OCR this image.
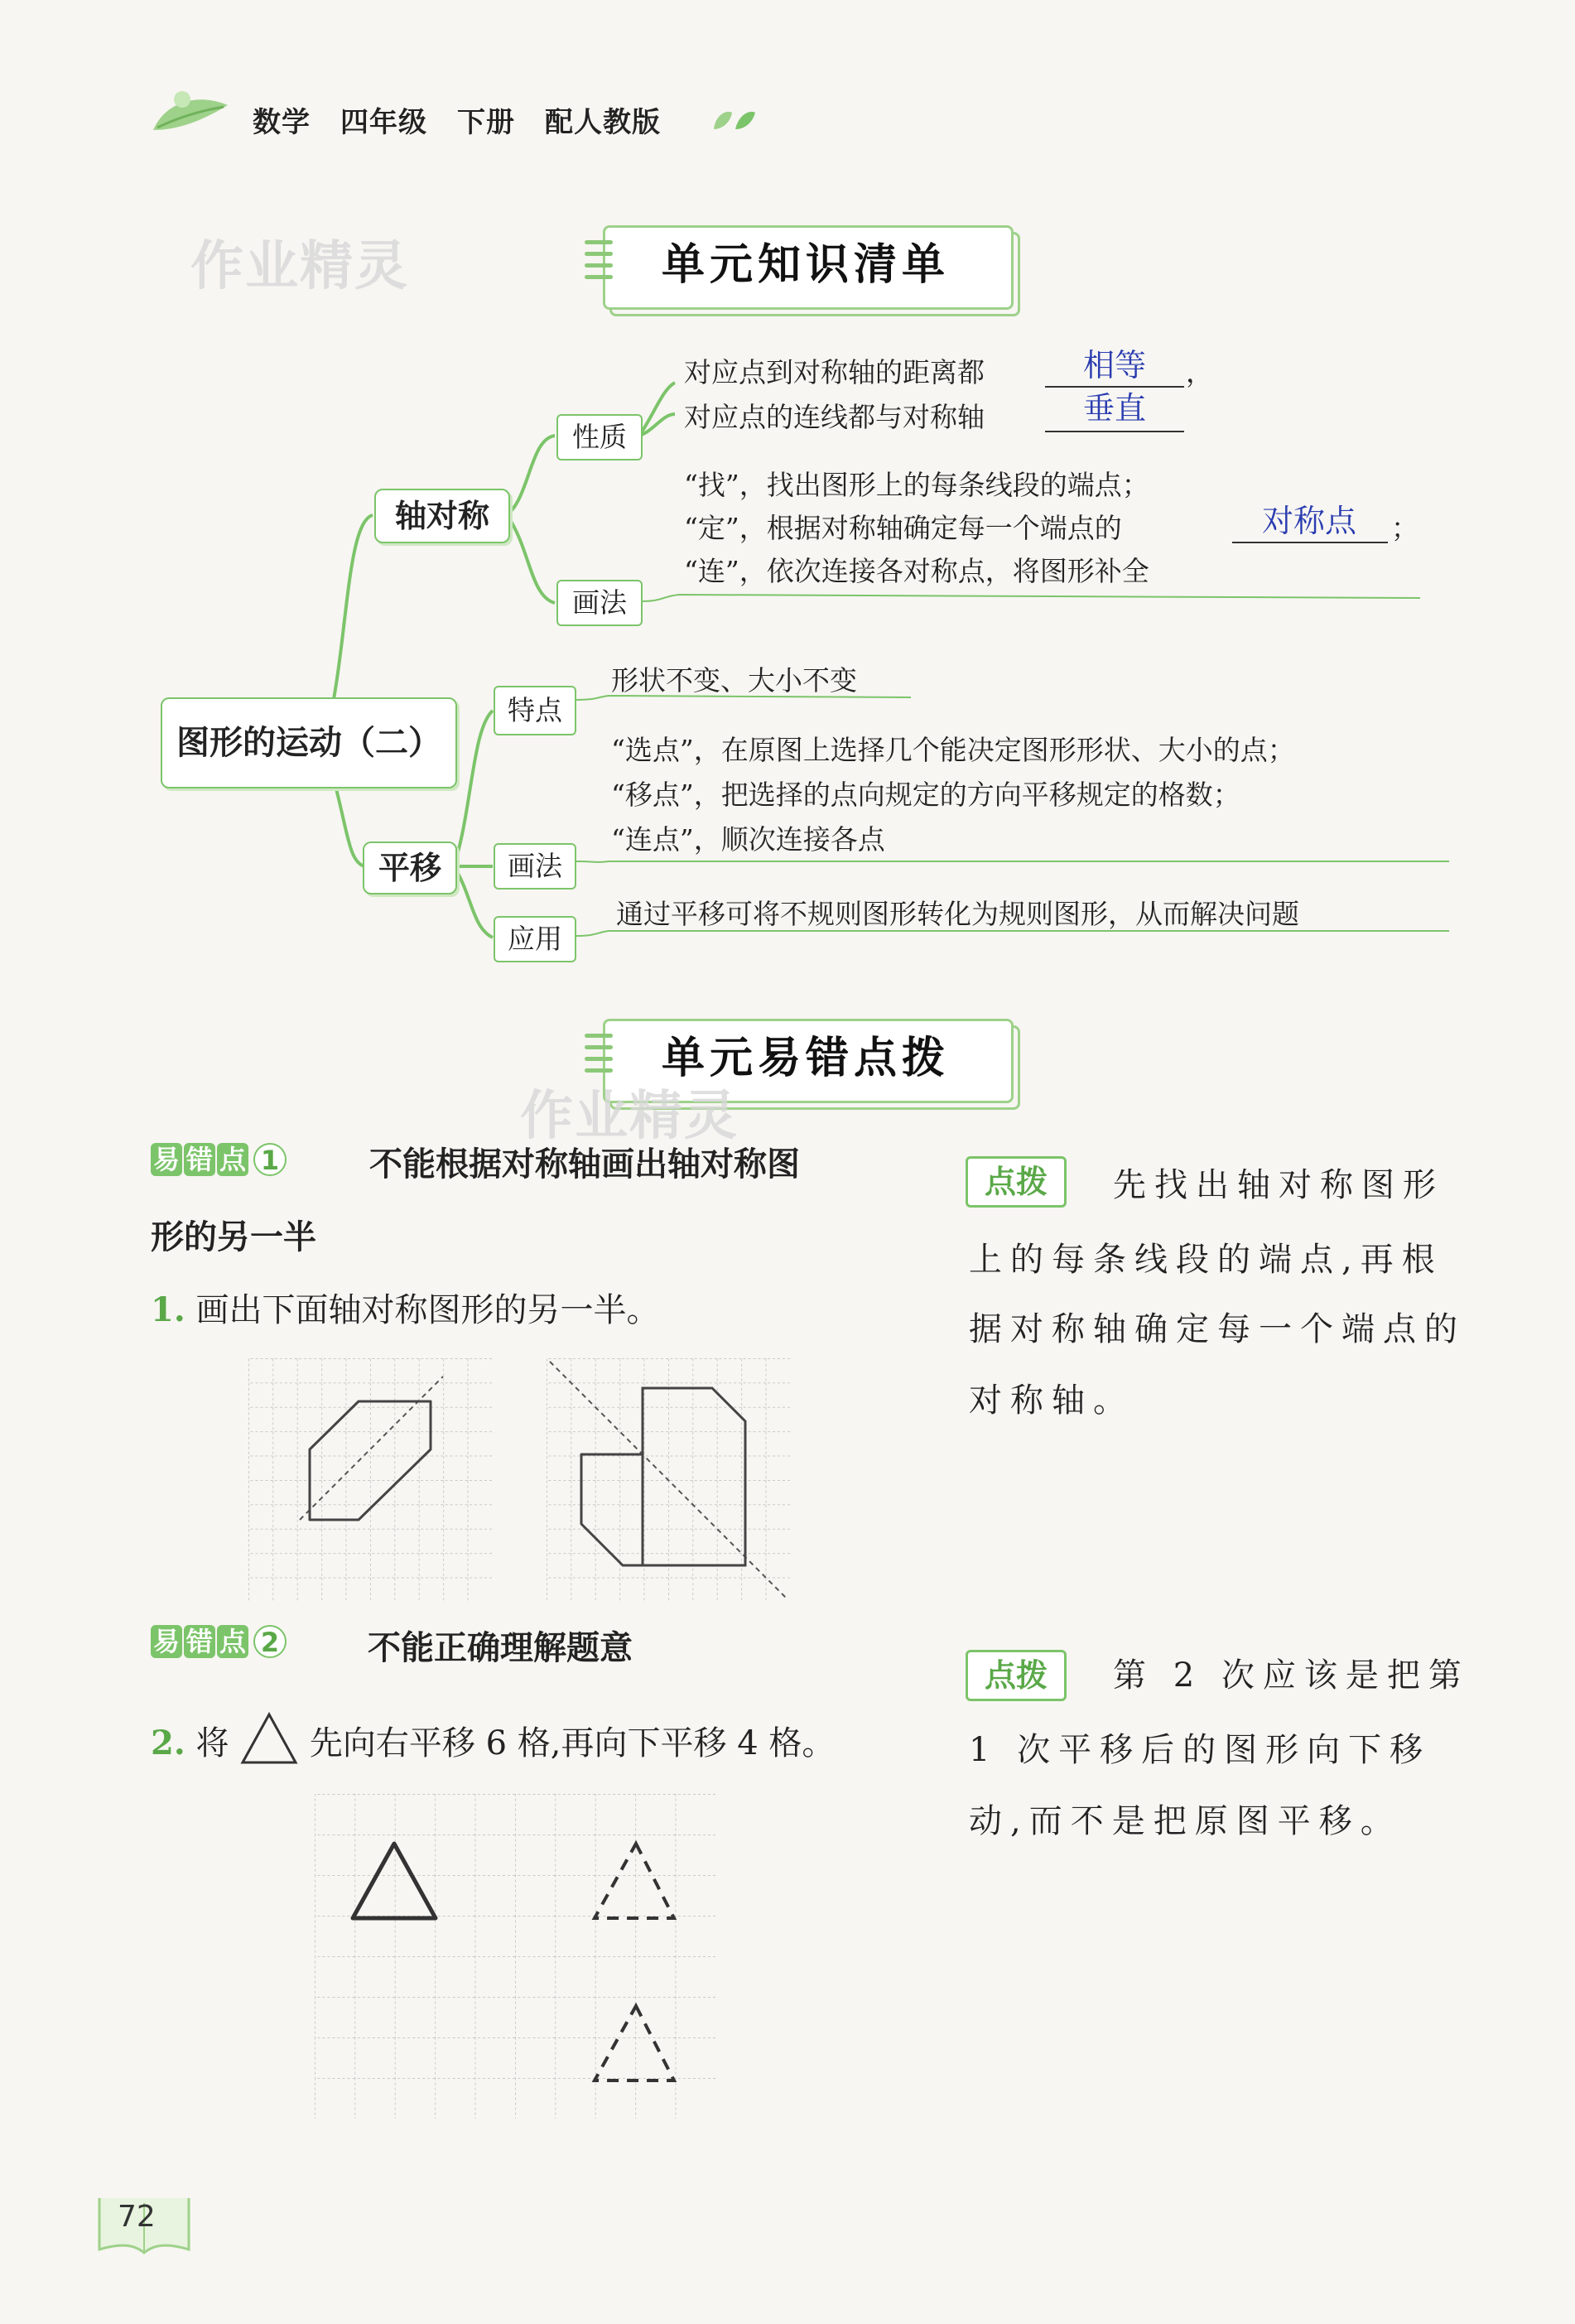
数学 四年级 下册 配人教版
作业精灵	单元知识清单
图形的运动（二）
轴对称
平移
性质
对应点到对称轴的距离都	相等 ，
对应点的连线都与对称轴	垂直
画法
“找”，找出图形上的每条线段的端点；
“定”，根据对称轴确定每一个端点的	对称点 ；
“连”，依次连接各对称点，将图形补全
特点
形状不变、大小不变
画法
“选点”，在原图上选择几个能决定图形形状、大小的点；
“移点”，把选择的点向规定的方向平移规定的格数；
“连点”，顺次连接各点
应用
通过平移可将不规则图形转化为规则图形，从而解决问题
单元易错点拨
作业精灵
易 错 点 1	不能根据对称轴画出轴对称图
形的另一半
1. 画出下面轴对称图形的另一半。
点拨	先找出轴对称图形
上的每条线段的端点,再根
据对称轴确定每一个端点的
对称轴。
易 错 点 2	不能正确理解题意
2. 将 先向右平移 6 格,再向下平移 4 格。
点拨	第 2 次应该是把第
1 次平移后的图形向下移
动,而不是把原图平移。
72
